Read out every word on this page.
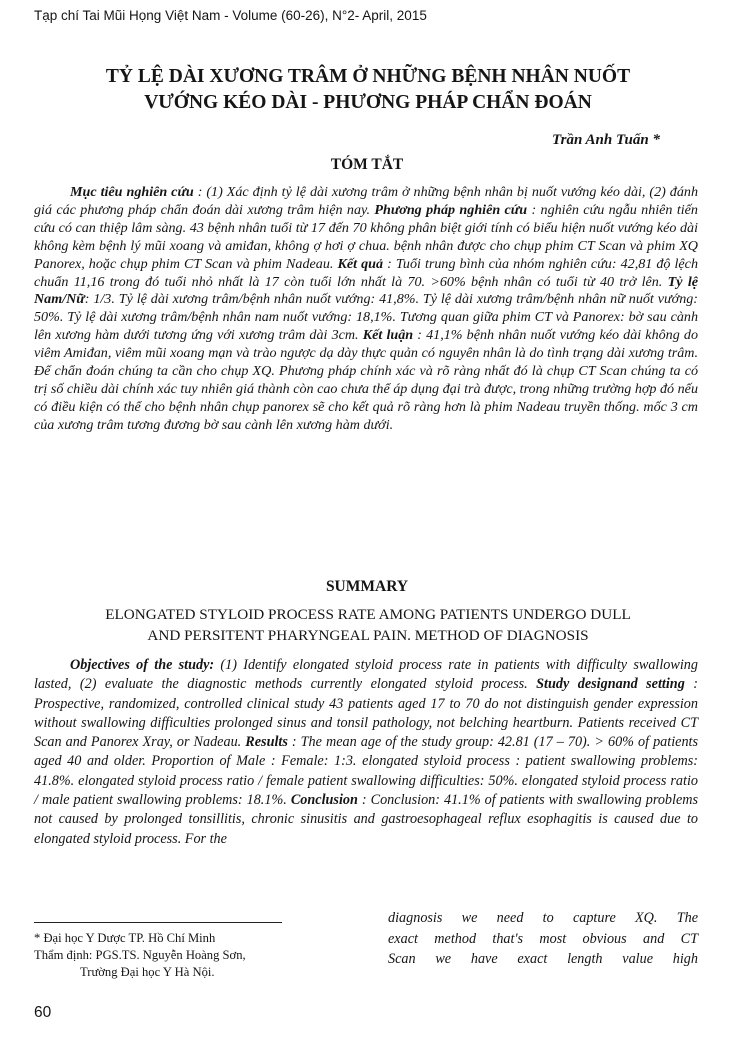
Tạp chí Tai Mũi Họng Việt Nam - Volume (60-26), N°2- April, 2015
TỶ LỆ DÀI XƯƠNG TRÂM Ở NHỮNG BỆNH NHÂN NUỐT
VƯỚNG KÉO DÀI - PHƯƠNG PHÁP CHẨN ĐOÁN
Trần Anh Tuấn *
TÓM TẮT

Mục tiêu nghiên cứu : (1) Xác định tỷ lệ dài xương trâm ở những bệnh nhân bị nuốt vướng kéo dài, (2) đánh giá các phương pháp chẩn đoán dài xương trâm hiện nay. Phương pháp nghiên cứu : nghiên cứu ngẫu nhiên tiến cứu có can thiệp lâm sàng. 43 bệnh nhân tuổi từ 17 đến 70 không phân biệt giới tính có biểu hiện nuốt vướng kéo dài không kèm bệnh lý mũi xoang và amiđan, không ợ hơi ợ chua. bệnh nhân được cho chụp phim CT Scan và phim XQ Panorex, hoặc chụp phim CT Scan và phim Nadeau. Kết quả : Tuổi trung bình của nhóm nghiên cứu: 42,81 độ lệch chuẩn 11,16 trong đó tuổi nhỏ nhất là 17 còn tuổi lớn nhất là 70. >60% bệnh nhân có tuổi từ 40 trở lên. Tỷ lệ Nam/Nữ: 1/3. Tỷ lệ dài xương trâm/bệnh nhân nuốt vướng: 41,8%. Tỷ lệ dài xương trâm/bệnh nhân nữ nuốt vướng: 50%. Tỷ lệ dài xương trâm/bệnh nhân nam nuốt vướng: 18,1%. Tương quan giữa phim CT và Panorex: bờ sau cành lên xương hàm dưới tương ứng với xương trâm dài 3cm. Kết luận : 41,1% bệnh nhân nuốt vướng kéo dài không do viêm Amiđan, viêm mũi xoang mạn và trào ngược dạ dày thực quản có nguyên nhân là do tình trạng dài xương trâm. Để chẩn đoán chúng ta cần cho chụp XQ. Phương pháp chính xác và rõ ràng nhất đó là chụp CT Scan chúng ta có trị số chiều dài chính xác tuy nhiên giá thành còn cao chưa thể áp dụng đại trà được, trong những trường hợp đó nếu có điều kiện có thể cho bệnh nhân chụp panorex sẽ cho kết quả rõ ràng hơn là phim Nadeau truyền thống. mốc 3 cm của xương trâm tương đương bờ sau cành lên xương hàm dưới.

SUMMARY
ELONGATED STYLOID PROCESS RATE AMONG PATIENTS UNDERGO DULL
AND PERSITENT PHARYNGEAL PAIN. METHOD OF DIAGNOSIS

Objectives of the study: (1) Identify elongated styloid process rate in patients with difficulty swallowing lasted, (2) evaluate the diagnostic methods currently elongated styloid process. Study designand setting : Prospective, randomized, controlled clinical study 43 patients aged 17 to 70 do not distinguish gender expression without swallowing difficulties prolonged sinus and tonsil pathology, not belching heartburn. Patients received CT Scan and Panorex Xray, or Nadeau. Results : The mean age of the study group: 42.81 (17 – 70). > 60% of patients aged 40 and older. Proportion of Male : Female: 1:3. elongated styloid process : patient swallowing problems: 41.8%. elongated styloid process ratio / female patient swallowing difficulties: 50%. elongated styloid process ratio / male patient swallowing problems: 18.1%. Conclusion : Conclusion: 41.1% of patients with swallowing problems not caused by prolonged tonsillitis, chronic sinusitis and gastroesophageal reflux esophagitis is caused due to elongated styloid process. For the

diagnosis we need to capture XQ. The
exact method that's most obvious and CT
Scan we have exact length value high
* Đại học Y Dược TP. Hồ Chí Minh
Thẩm định: PGS.TS. Nguyễn Hoàng Sơn,
Trường Đại học Y Hà Nội.
60
